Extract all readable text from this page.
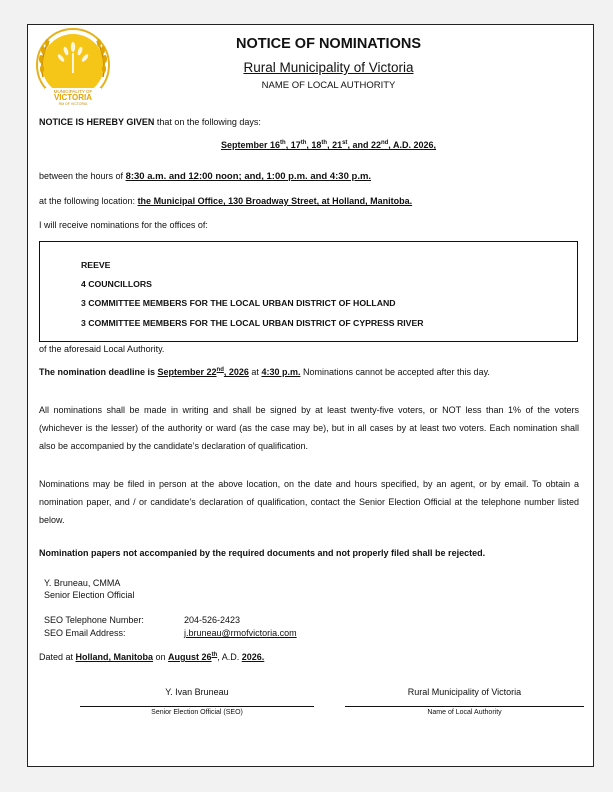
MUNICIPALITY OF
VICTORIA
RM OF VICTORIA
NOTICE OF NOMINATIONS
Rural Municipality of Victoria
NAME OF LOCAL AUTHORITY
NOTICE IS HEREBY GIVEN that on the following days:
September 16th, 17th, 18th, 21st, and 22nd, A.D. 2026,
between the hours of 8:30 a.m. and 12:00 noon; and, 1:00 p.m. and 4:30 p.m.
at the following location: the Municipal Office, 130 Broadway Street, at Holland, Manitoba.
I will receive nominations for the offices of:
REEVE
4 COUNCILLORS
3 COMMITTEE MEMBERS FOR THE LOCAL URBAN DISTRICT OF HOLLAND
3 COMMITTEE MEMBERS FOR THE LOCAL URBAN DISTRICT OF CYPRESS RIVER
of the aforesaid Local Authority.
The nomination deadline is September 22nd, 2026 at 4:30 p.m. Nominations cannot be accepted after this day.
All nominations shall be made in writing and shall be signed by at least twenty-five voters, or NOT less than 1% of the voters (whichever is the lesser) of the authority or ward (as the case may be), but in all cases by at least two voters. Each nomination shall also be accompanied by the candidate’s declaration of qualification.
Nominations may be filed in person at the above location, on the date and hours specified, by an agent, or by email. To obtain a nomination paper, and / or candidate’s declaration of qualification, contact the Senior Election Official at the telephone number listed below.
Nomination papers not accompanied by the required documents and not properly filed shall be rejected.
Y. Bruneau, CMMA
Senior Election Official
SEO Telephone Number:	204-526-2423
SEO Email Address:	j.bruneau@rmofvictoria.com
Dated at Holland, Manitoba on August 26th, A.D. 2026.
Y. Ivan Bruneau
Senior Election Official (SEO)
Rural Municipality of Victoria
Name of Local Authority
